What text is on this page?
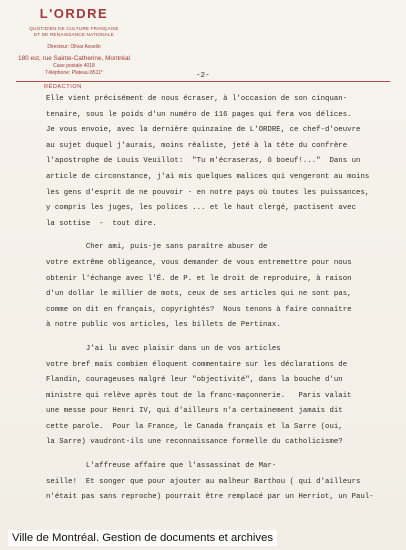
L'ORDRE
QUOTIDIEN DE CULTURE FRANÇAISE
ET DE RENAISSANCE NATIONALE
Directeur: Olivar Asselin
180 est, rue Sainte-Catherine, Montréal
Case postale 4018
Téléphone: Plateau 8511*	-2-
RÉDACTION
Elle vient précisément de nous écraser, à l'occasion de son cinquan-
tenaire, sous le poids d'un numéro de 116 pages qui fera vos délices.
Je vous envoie, avec la dernière quinzaine de L'ORDRE, ce chef-d'oeuvre
au sujet duquel j'aurais, moins réaliste, jeté à la tête du confrère
l'apostrophe de Louis Veuillot:  "Tu m'écraseras, ô boeuf!..."  Dans un
article de circonstance, j'ai mis quelques malices qui vengeront au moins
les gens d'esprit de ne pouvoir - en notre pays où toutes les puissances,
y compris les juges, les polices ... et le haut clergé, pactisent avec
la sottise  -  tout dire.
Cher ami, puis-je sans paraître abuser de
votre extrême obligeance, vous demander de vous entremettre pour nous
obtenir l'échange avec l'É. de P. et le droit de reproduire, à raison
d'un dollar le millier de mots, ceux de ses articles qui ne sont pas,
comme on dit en français, copyrightés?  Nous tenons à faire connaître
à notre public vos articles, les billets de Pertinax.
J'ai lu avec plaisir dans un de vos articles
votre bref mais combien éloquent commentaire sur les déclarations de
Flandin, courageuses malgré leur "objectivité", dans la bouche d'un
ministre qui relève après tout de la franc-maçonnerie.   Paris valait
une messe pour Henri IV, qui d'ailleurs n'a certainement jamais dit
cette parole.  Pour la France, le Canada français et la Sarre (oui,
la Sarre) vaudront-ils une reconnaissance formelle du catholicisme?
L'affreuse affaire que l'assassinat de Mar-
seille!  Et songer que pour ajouter au malheur Barthou ( qui d'ailleurs
n'était pas sans reproche) pourrait être remplacé par un Herriot, un Paul-
Ville de Montréal. Gestion de documents et archives
